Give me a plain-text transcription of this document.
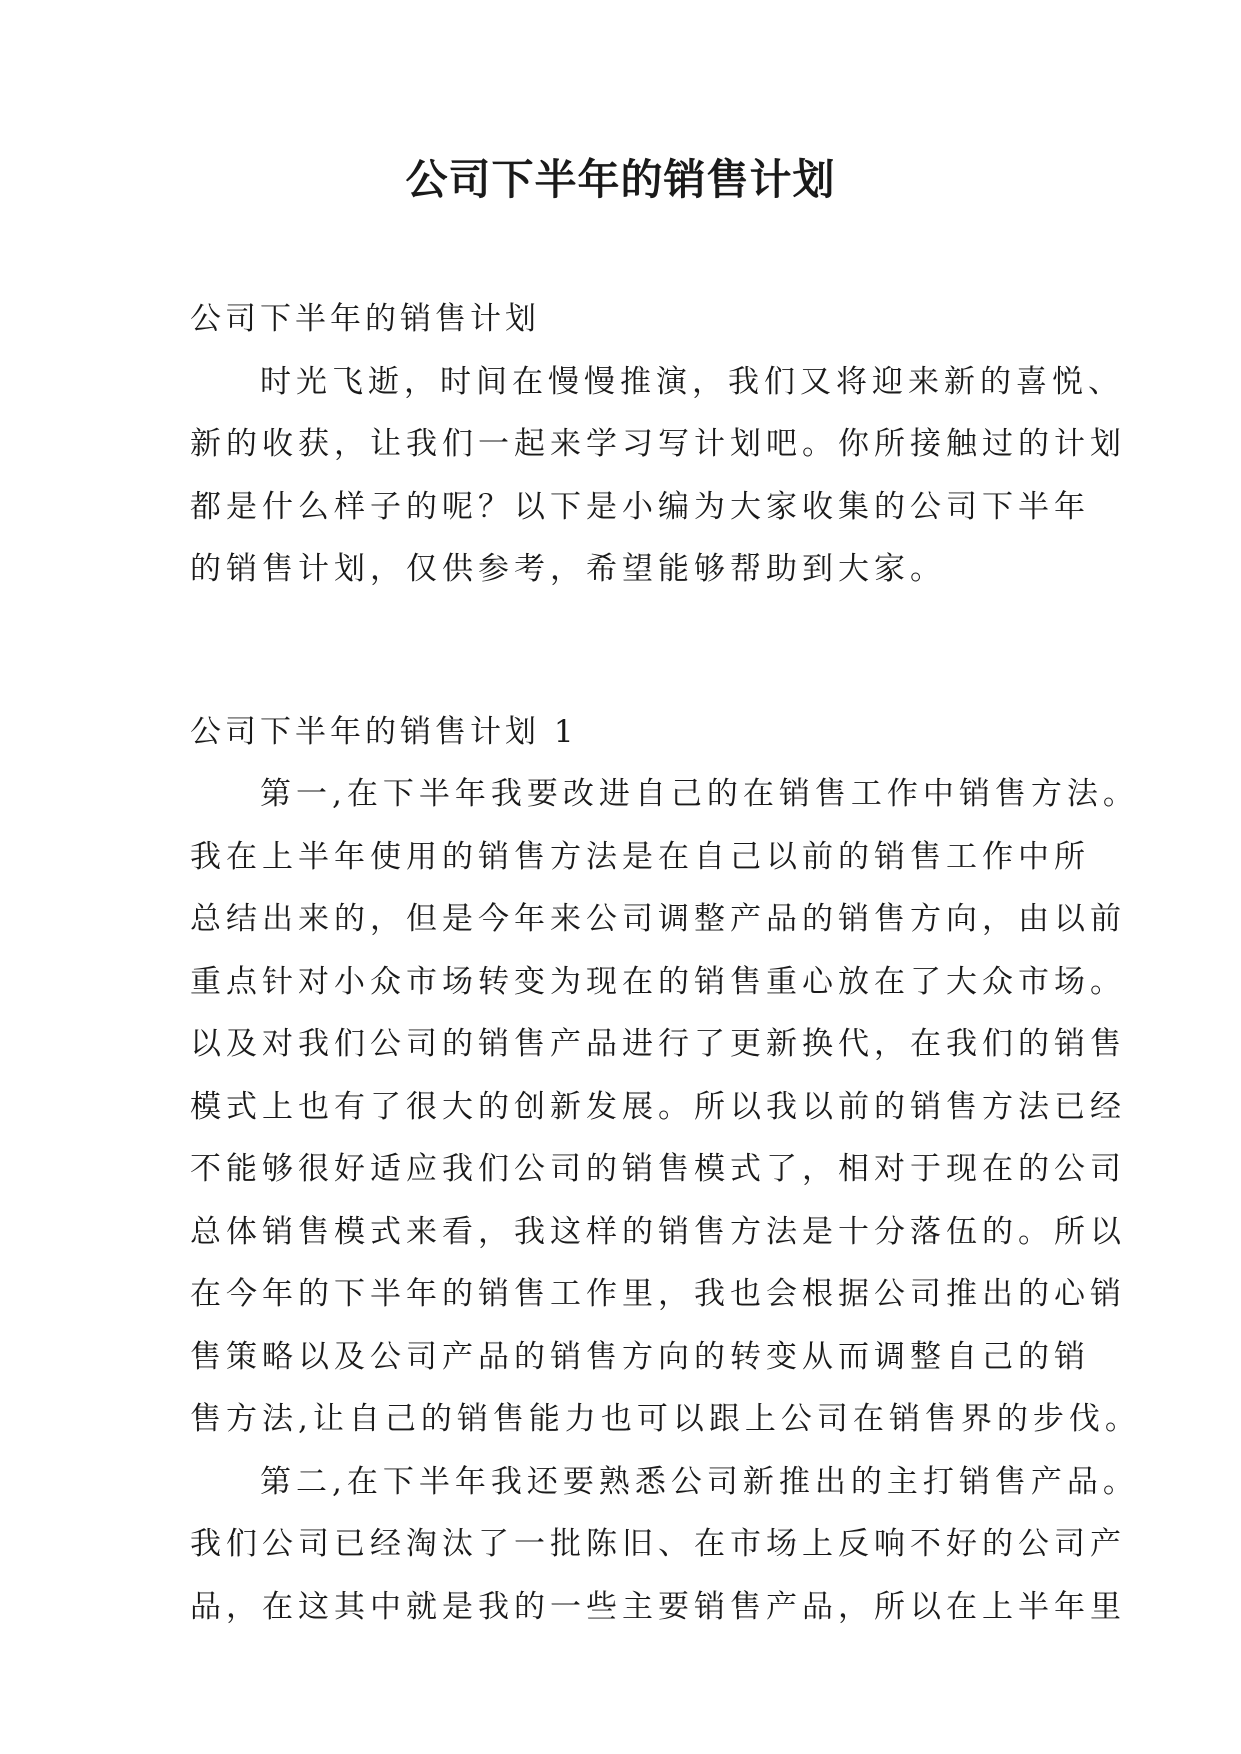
公司下半年的销售计划
公司下半年的销售计划
时光飞逝，时间在慢慢推演，我们又将迎来新的喜悦、
新的收获，让我们一起来学习写计划吧。你所接触过的计划
都是什么样子的呢？以下是小编为大家收集的公司下半年
的销售计划，仅供参考，希望能够帮助到大家。
公司下半年的销售计划 1
第一,在下半年我要改进自己的在销售工作中销售方法。
我在上半年使用的销售方法是在自己以前的销售工作中所
总结出来的，但是今年来公司调整产品的销售方向，由以前
重点针对小众市场转变为现在的销售重心放在了大众市场。
以及对我们公司的销售产品进行了更新换代，在我们的销售
模式上也有了很大的创新发展。所以我以前的销售方法已经
不能够很好适应我们公司的销售模式了，相对于现在的公司
总体销售模式来看，我这样的销售方法是十分落伍的。所以
在今年的下半年的销售工作里，我也会根据公司推出的心销
售策略以及公司产品的销售方向的转变从而调整自己的销
售方法,让自己的销售能力也可以跟上公司在销售界的步伐。
第二,在下半年我还要熟悉公司新推出的主打销售产品。
我们公司已经淘汰了一批陈旧、在市场上反响不好的公司产
品，在这其中就是我的一些主要销售产品，所以在上半年里
